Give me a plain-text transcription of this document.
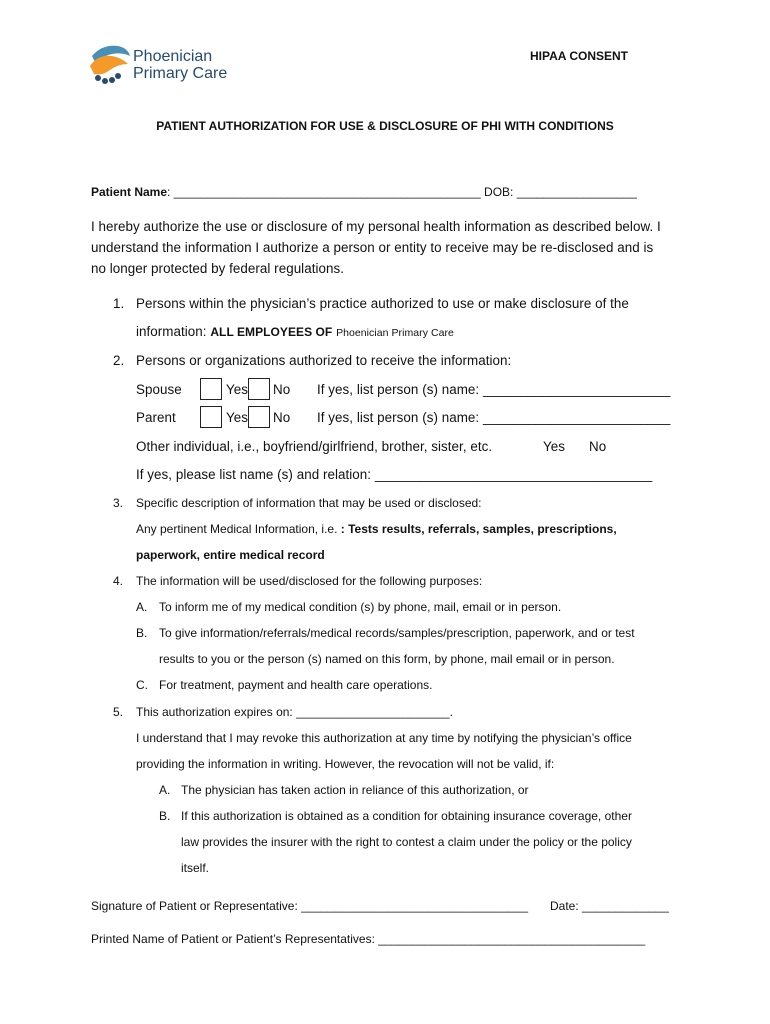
Phoenician
Primary Care
HIPAA CONSENT
PATIENT AUTHORIZATION FOR USE & DISCLOSURE OF PHI WITH CONDITIONS
Patient Name: ______________________________________________ DOB: __________________
I hereby authorize the use or disclosure of my personal health information as described below. I
understand the information I authorize a person or entity to receive may be re-disclosed and is
no longer protected by federal regulations.
1. Persons within the physician’s practice authorized to use or make disclosure of the
information: ALL EMPLOYEES OF Phoenician Primary Care
2. Persons or organizations authorized to receive the information:
Spouse	Yes No If yes, list person (s) name: _________________________
Parent	Yes No If yes, list person (s) name: _________________________
Other individual, i.e., boyfriend/girlfriend, brother, sister, etc.	Yes No
If yes, please list name (s) and relation: _____________________________________
3. Specific description of information that may be used or disclosed:
Any pertinent Medical Information, i.e. : Tests results, referrals, samples, prescriptions,
paperwork, entire medical record
4. The information will be used/disclosed for the following purposes:
A. To inform me of my medical condition (s) by phone, mail, email or in person.
B. To give information/referrals/medical records/samples/prescription, paperwork, and or test
results to you or the person (s) named on this form, by phone, mail email or in person.
C. For treatment, payment and health care operations.
5. This authorization expires on: _______________________.
I understand that I may revoke this authorization at any time by notifying the physician’s office
providing the information in writing. However, the revocation will not be valid, if:
A. The physician has taken action in reliance of this authorization, or
B. If this authorization is obtained as a condition for obtaining insurance coverage, other
law provides the insurer with the right to contest a claim under the policy or the policy
itself.
Signature of Patient or Representative: __________________________________ Date: _____________
Printed Name of Patient or Patient’s Representatives: ________________________________________
